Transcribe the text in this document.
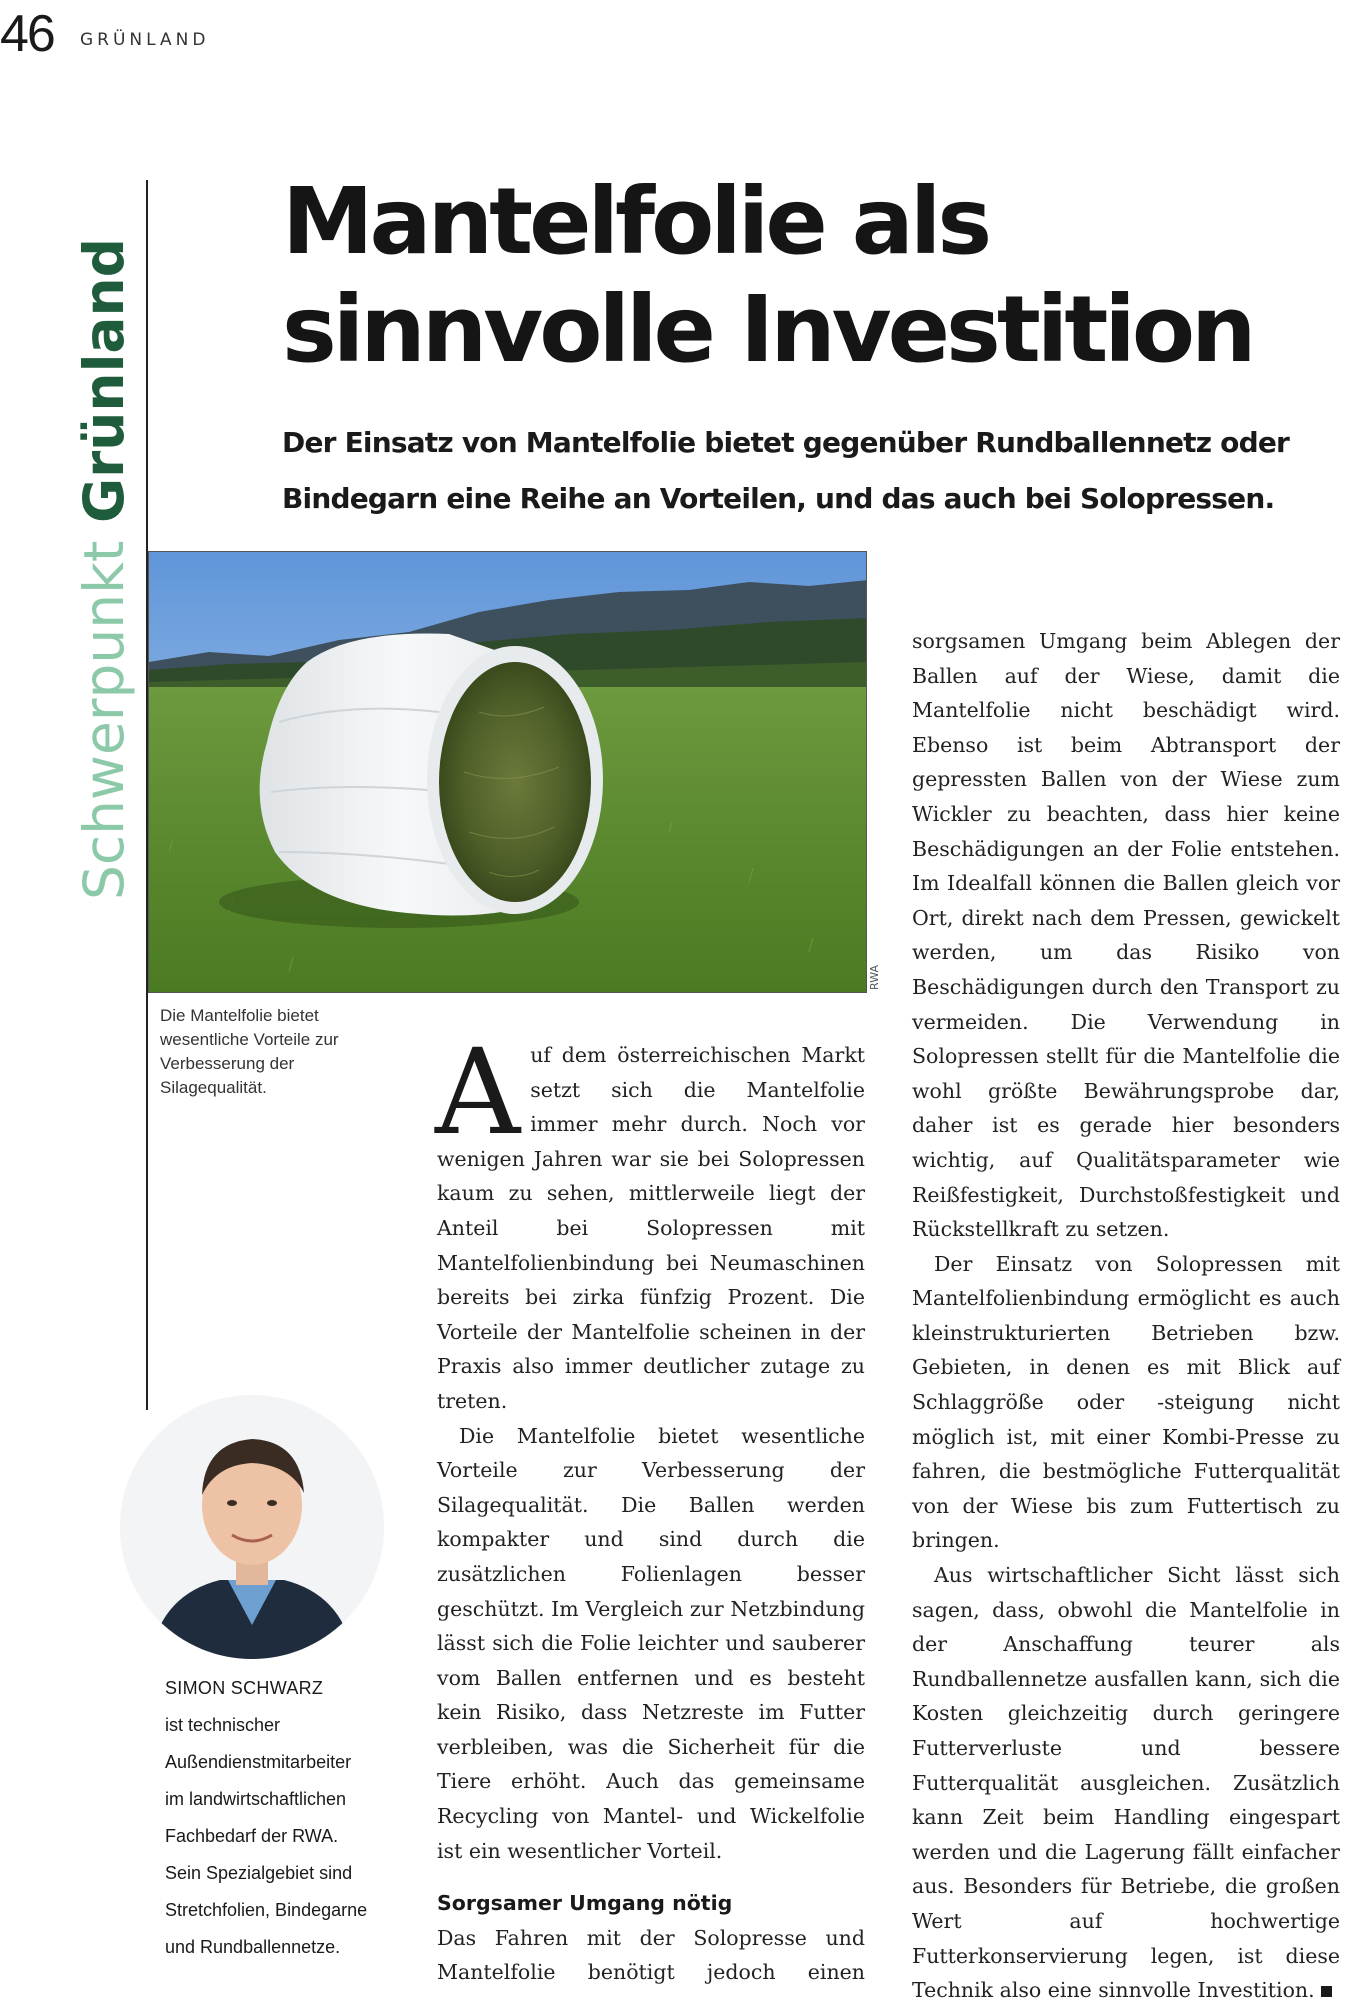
46 GRÜNLAND
Schwerpunkt Grünland
Mantelfolie als sinnvolle Investition

Der Einsatz von Mantelfolie bietet gegenüber Rundballennetz oder Bindegarn eine Reihe an Vorteilen, und das auch bei Solopressen.

RWA

Die Mantelfolie bietet wesentliche Vorteile zur Verbesserung der Silagequalität.

SIMON SCHWARZ
ist technischer Außendienstmitarbeiter im landwirtschaftlichen Fachbedarf der RWA. Sein Spezialgebiet sind Stretchfolien, Bindegarne und Rundballennetze.

Auf dem österreichischen Markt setzt sich die Mantelfolie immer mehr durch. Noch vor wenigen Jahren war sie bei Solopressen kaum zu sehen, mittlerweile liegt der Anteil bei Solopressen mit Mantelfolienbindung bei Neumaschinen bereits bei zirka fünfzig Prozent. Die Vorteile der Mantelfolie scheinen in der Praxis also immer deutlicher zutage zu treten.

Die Mantelfolie bietet wesentliche Vorteile zur Verbesserung der Silagequalität. Die Ballen werden kompakter und sind durch die zusätzlichen Folienlagen besser geschützt. Im Vergleich zur Netzbindung lässt sich die Folie leichter und sauberer vom Ballen entfernen und es besteht kein Risiko, dass Netzreste im Futter verbleiben, was die Sicherheit für die Tiere erhöht. Auch das gemeinsame Recycling von Mantel- und Wickelfolie ist ein wesentlicher Vorteil.

Sorgsamer Umgang nötig

Das Fahren mit der Solopresse und Mantelfolie benötigt jedoch einen

sorgsamen Umgang beim Ablegen der Ballen auf der Wiese, damit die Mantelfolie nicht beschädigt wird. Ebenso ist beim Abtransport der gepressten Ballen von der Wiese zum Wickler zu beachten, dass hier keine Beschädigungen an der Folie entstehen. Im Idealfall können die Ballen gleich vor Ort, direkt nach dem Pressen, gewickelt werden, um das Risiko von Beschädigungen durch den Transport zu vermeiden. Die Verwendung in Solopressen stellt für die Mantelfolie die wohl größte Bewährungsprobe dar, daher ist es gerade hier besonders wichtig, auf Qualitätsparameter wie Reißfestigkeit, Durchstoßfestigkeit und Rückstellkraft zu setzen.

Der Einsatz von Solopressen mit Mantelfolienbindung ermöglicht es auch kleinstrukturierten Betrieben bzw. Gebieten, in denen es mit Blick auf Schlaggröße oder -steigung nicht möglich ist, mit einer Kombi-Presse zu fahren, die bestmögliche Futterqualität von der Wiese bis zum Futtertisch zu bringen.

Aus wirtschaftlicher Sicht lässt sich sagen, dass, obwohl die Mantelfolie in der Anschaffung teurer als Rundballennetze ausfallen kann, sich die Kosten gleichzeitig durch geringere Futterverluste und bessere Futterqualität ausgleichen. Zusätzlich kann Zeit beim Handling eingespart werden und die Lagerung fällt einfacher aus. Besonders für Betriebe, die großen Wert auf hochwertige Futterkonservierung legen, ist diese Technik also eine sinnvolle Investition.
